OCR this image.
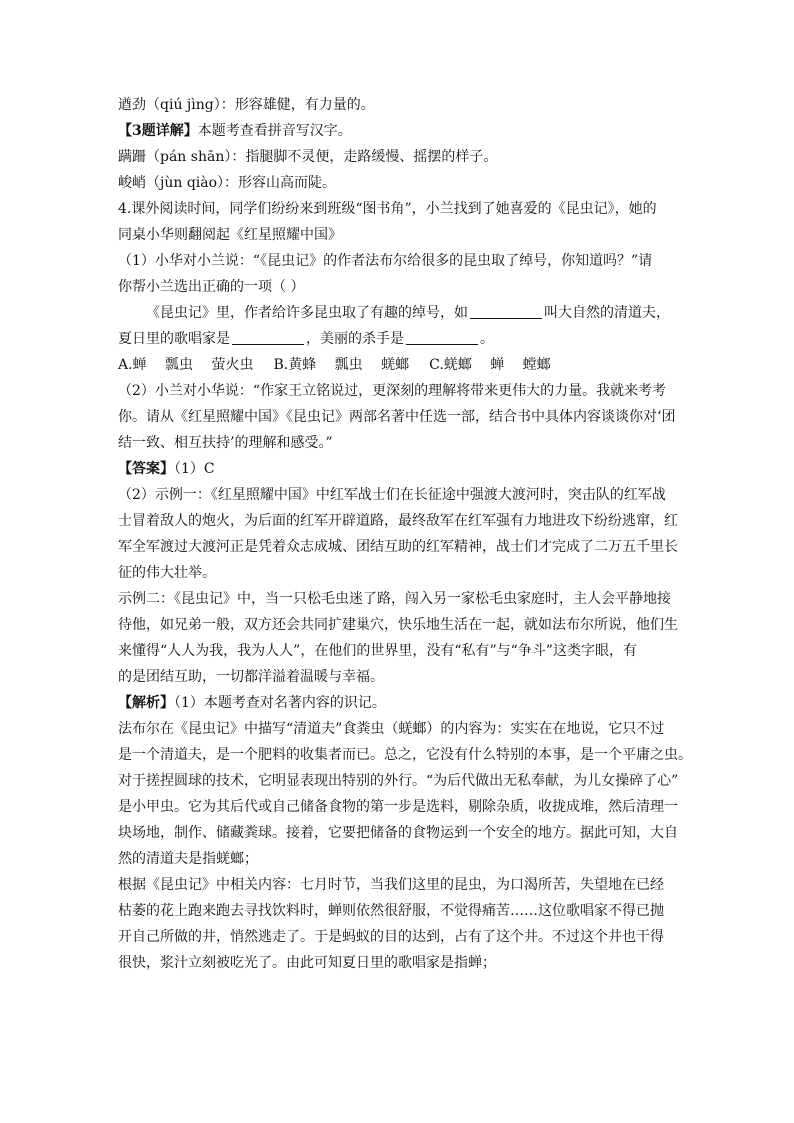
遒劲（qiú jìng）：形容雄健，有力量的。
【3题详解】本题考查看拼音写汉字。
蹒跚（pán shān）：指腿脚不灵便，走路缓慢、摇摆的样子。
峻峭（jùn qiào）：形容山高而陡。
4.课外阅读时间，同学们纷纷来到班级“图书角”，小兰找到了她喜爱的《昆虫记》，她的
同桌小华则翻阅起《红星照耀中国》
（1）小华对小兰说：“《昆虫记》的作者法布尔给很多的昆虫取了绰号，你知道吗？”请
你帮小兰选出正确的一项（ ）
《昆虫记》里，作者给许多昆虫取了有趣的绰号，如	叫大自然的清道夫，
夏日里的歌唱家是	，美丽的杀手是	。
A.蝉　 瓢虫　 萤火虫 B.黄蜂　 瓢虫　 蜣螂 C.蜣螂　 蝉　 螳螂
（2）小兰对小华说：“作家王立铭说过，更深刻的理解将带来更伟大的力量。我就来考考
你。请从《红星照耀中国》《昆虫记》两部名著中任选一部，结合书中具体内容谈谈你对‘团
结一致、相互扶持’的理解和感受。”
【答案】（1）C
（2）示例一：《红星照耀中国》中红军战士们在长征途中强渡大渡河时，突击队的红军战
士冒着敌人的炮火，为后面的红军开辟道路，最终敌军在红军强有力地进攻下纷纷逃窜，红
军全军渡过大渡河正是凭着众志成城、团结互助的红军精神，战士们才完成了二万五千里长
征的伟大壮举。
示例二：《昆虫记》中，当一只松毛虫迷了路，闯入另一家松毛虫家庭时，主人会平静地接
待他，如兄弟一般，双方还会共同扩建巢穴，快乐地生活在一起，就如法布尔所说，他们生
来懂得“人人为我，我为人人”，在他们的世界里，没有“私有”与“争斗”这类字眼，有
的是团结互助，一切都洋溢着温暖与幸福。
【解析】（1）本题考查对名著内容的识记。
法布尔在《昆虫记》中描写“清道夫”食粪虫（蜣螂）的内容为：实实在在地说，它只不过
是一个清道夫，是一个肥料的收集者而已。总之，它没有什么特别的本事，是一个平庸之虫。
对于搓捏圆球的技术，它明显表现出特别的外行。“为后代做出无私奉献，为儿女操碎了心”
是小甲虫。它为其后代或自己储备食物的第一步是选料，剔除杂质，收拢成堆，然后清理一
块场地，制作、储藏粪球。接着，它要把储备的食物运到一个安全的地方。据此可知，大自
然的清道夫是指蜣螂；
根据《昆虫记》中相关内容：七月时节，当我们这里的昆虫，为口渴所苦，失望地在已经
枯萎的花上跑来跑去寻找饮料时，蝉则依然很舒服，不觉得痛苦……这位歌唱家不得已抛
开自己所做的井，悄然逃走了。于是蚂蚁的目的达到，占有了这个井。不过这个井也干得
很快，浆汁立刻被吃光了。由此可知夏日里的歌唱家是指蝉；
